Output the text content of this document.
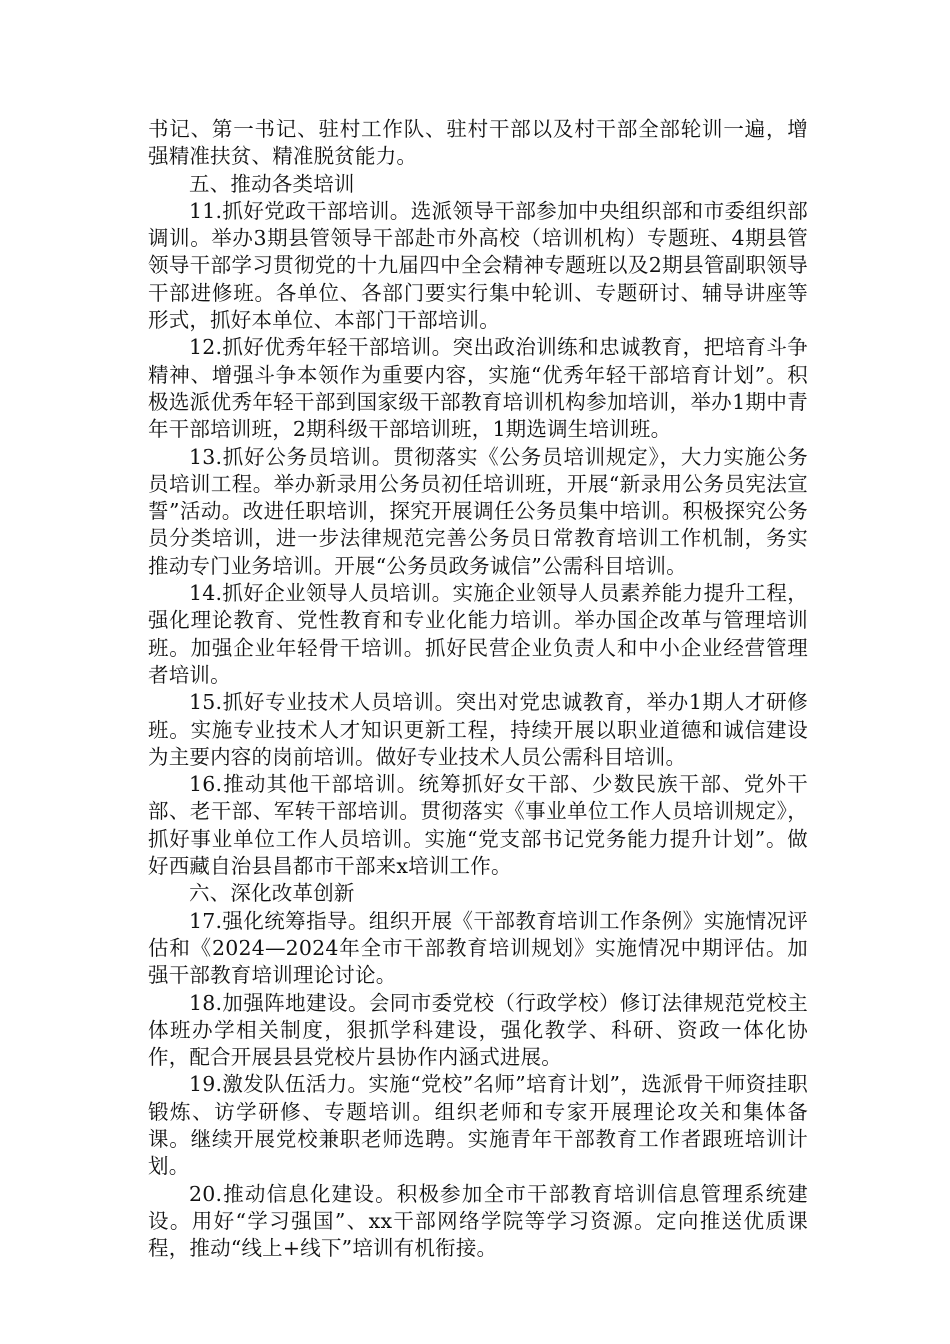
书记、第一书记、驻村工作队、驻村干部以及村干部全部轮训一遍，增强精准扶贫、精准脱贫能力。

五、推动各类培训

11.抓好党政干部培训。选派领导干部参加中央组织部和市委组织部调训。举办3期县管领导干部赴市外高校（培训机构）专题班、4期县管领导干部学习贯彻党的十九届四中全会精神专题班以及2期县管副职领导干部进修班。各单位、各部门要实行集中轮训、专题研讨、辅导讲座等形式，抓好本单位、本部门干部培训。

12.抓好优秀年轻干部培训。突出政治训练和忠诚教育，把培育斗争精神、增强斗争本领作为重要内容，实施“优秀年轻干部培育计划”。积极选派优秀年轻干部到国家级干部教育培训机构参加培训，举办1期中青年干部培训班，2期科级干部培训班，1期选调生培训班。

13.抓好公务员培训。贯彻落实《公务员培训规定》，大力实施公务员培训工程。举办新录用公务员初任培训班，开展“新录用公务员宪法宣誓”活动。改进任职培训，探究开展调任公务员集中培训。积极探究公务员分类培训，进一步法律规范完善公务员日常教育培训工作机制，务实推动专门业务培训。开展“公务员政务诚信”公需科目培训。

14.抓好企业领导人员培训。实施企业领导人员素养能力提升工程，强化理论教育、党性教育和专业化能力培训。举办国企改革与管理培训班。加强企业年轻骨干培训。抓好民营企业负责人和中小企业经营管理者培训。

15.抓好专业技术人员培训。突出对党忠诚教育，举办1期人才研修班。实施专业技术人才知识更新工程，持续开展以职业道德和诚信建设为主要内容的岗前培训。做好专业技术人员公需科目培训。

16.推动其他干部培训。统筹抓好女干部、少数民族干部、党外干部、老干部、军转干部培训。贯彻落实《事业单位工作人员培训规定》，抓好事业单位工作人员培训。实施“党支部书记党务能力提升计划”。做好西藏自治县昌都市干部来x培训工作。

六、深化改革创新

17.强化统筹指导。组织开展《干部教育培训工作条例》实施情况评估和《2024—2024年全市干部教育培训规划》实施情况中期评估。加强干部教育培训理论讨论。

18.加强阵地建设。会同市委党校（行政学校）修订法律规范党校主体班办学相关制度，狠抓学科建设，强化教学、科研、资政一体化协作，配合开展县县党校片县协作内涵式进展。

19.激发队伍活力。实施“党校”名师”培育计划”，选派骨干师资挂职锻炼、访学研修、专题培训。组织老师和专家开展理论攻关和集体备课。继续开展党校兼职老师选聘。实施青年干部教育工作者跟班培训计划。

20.推动信息化建设。积极参加全市干部教育培训信息管理系统建设。用好“学习强国”、xx干部网络学院等学习资源。定向推送优质课程，推动“线上+线下”培训有机衔接。
